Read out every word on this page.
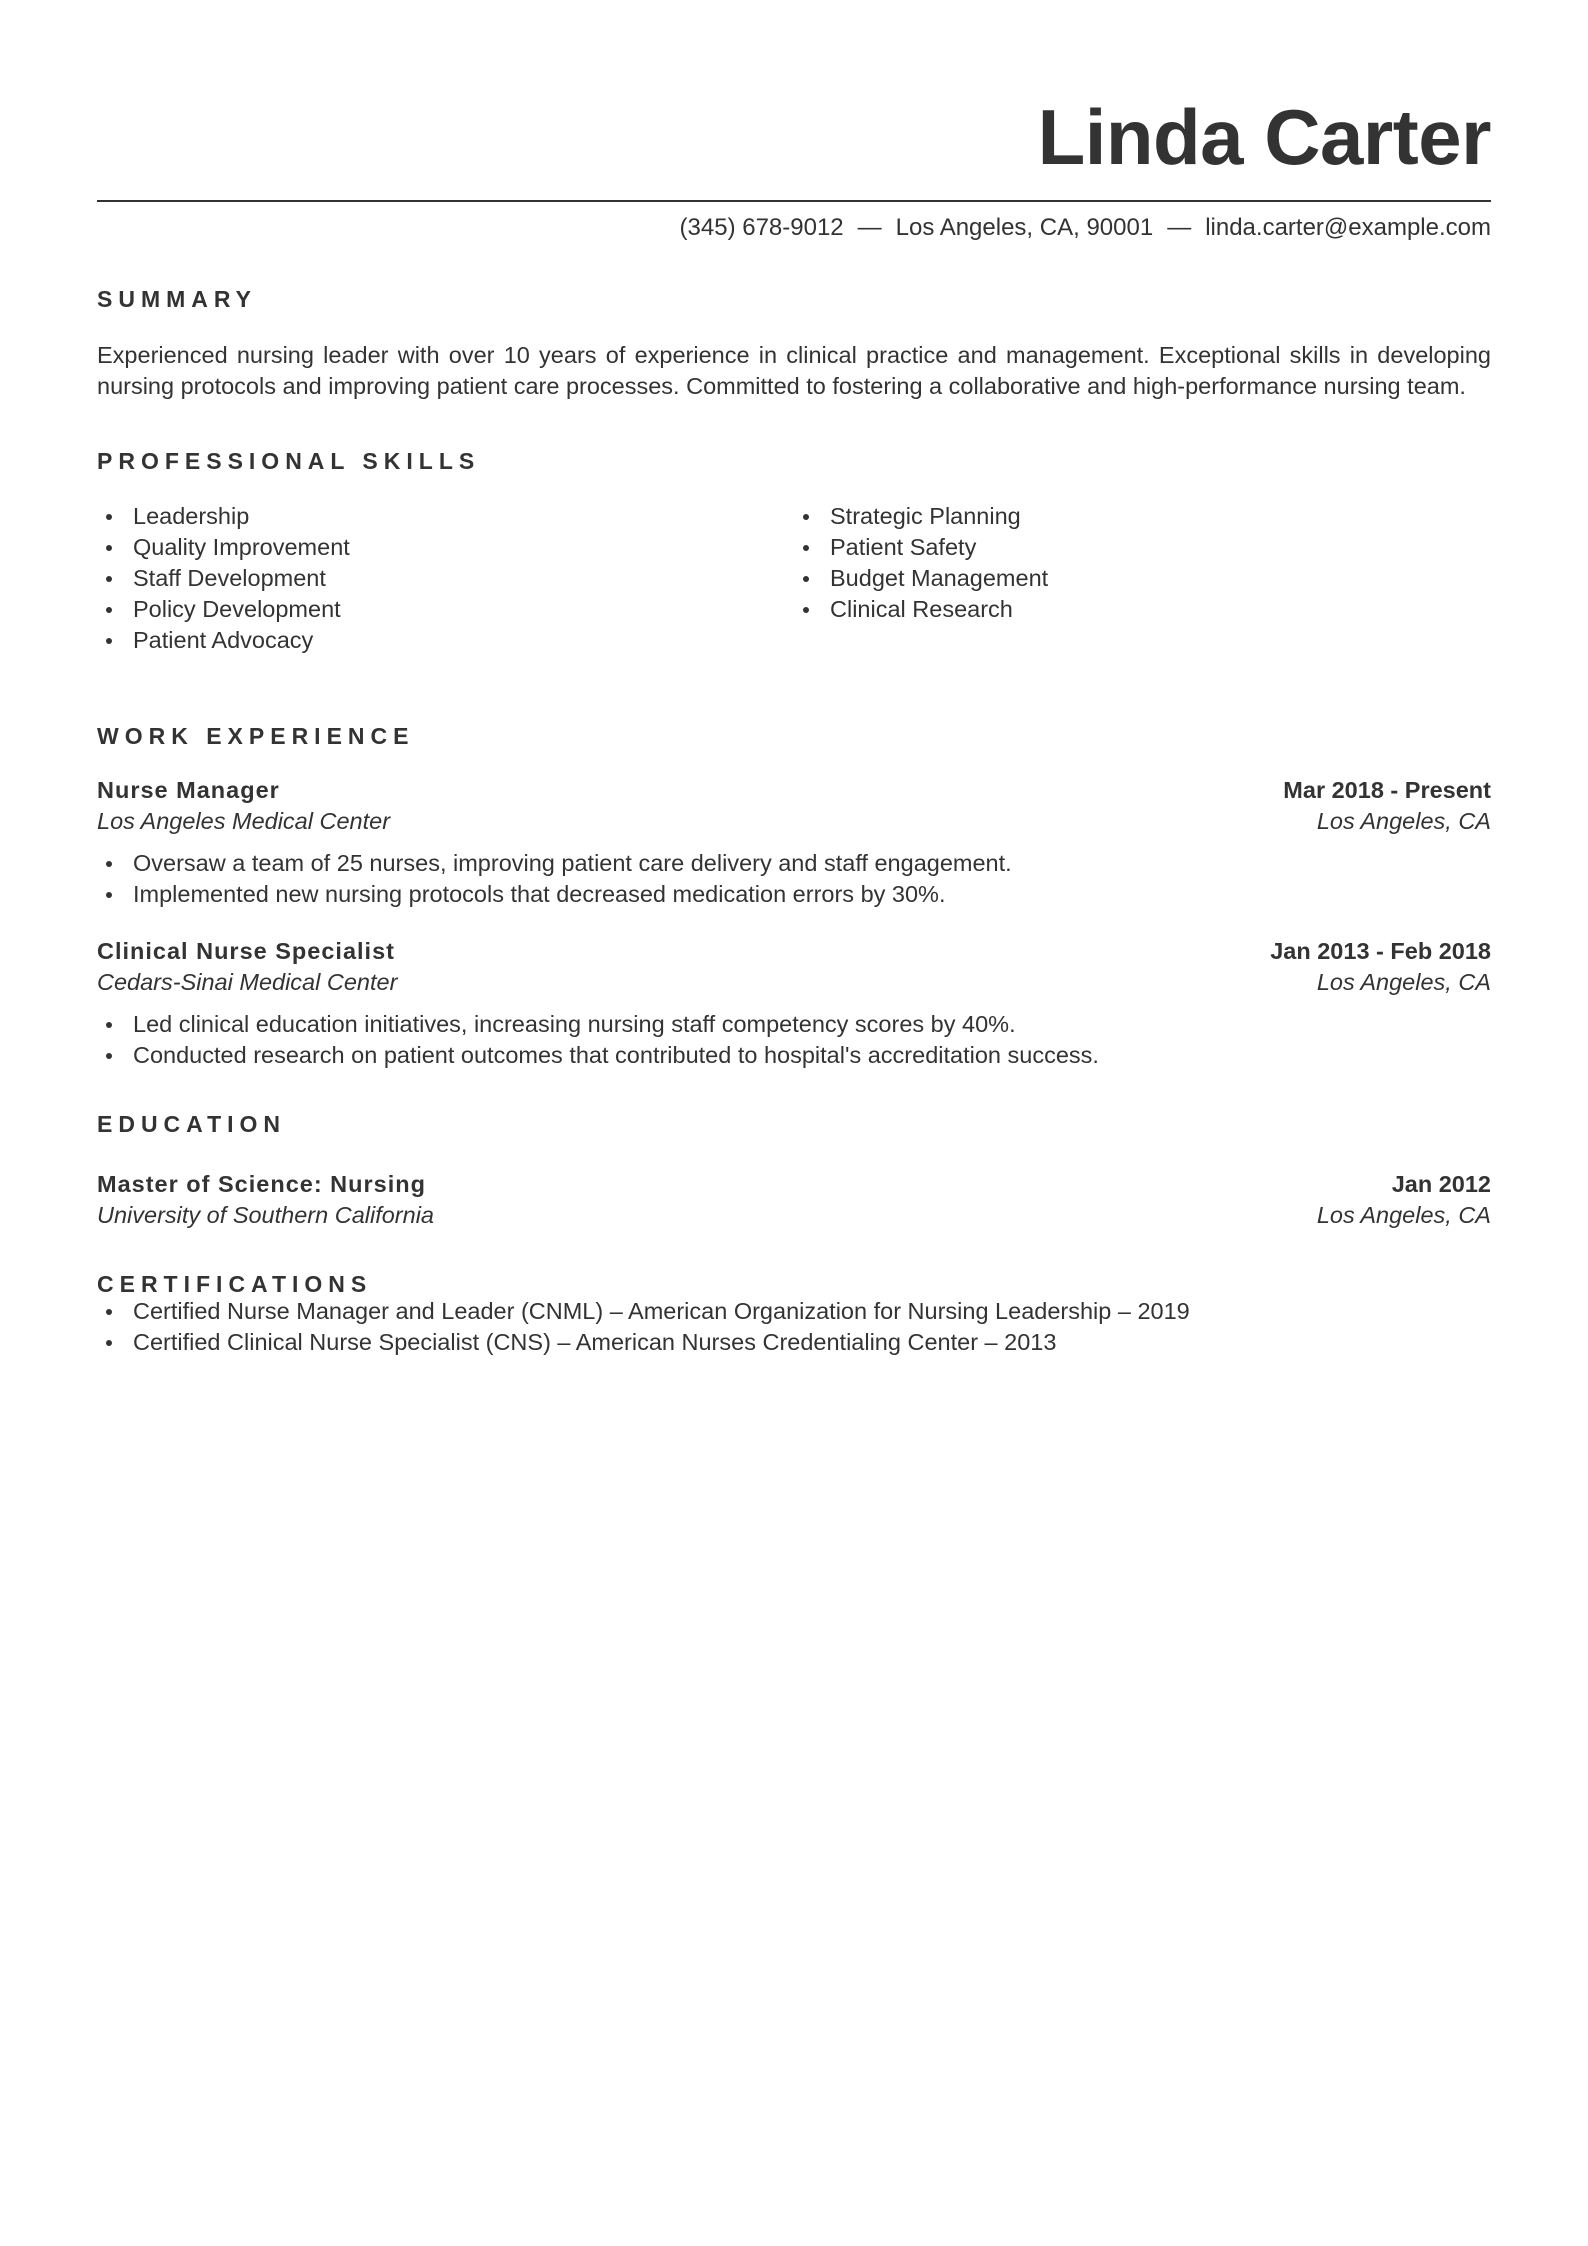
Linda Carter
(345) 678-9012 — Los Angeles, CA, 90001 — linda.carter@example.com
SUMMARY

Experienced nursing leader with over 10 years of experience in clinical practice and management. Exceptional skills in developing nursing protocols and improving patient care processes. Committed to fostering a collaborative and high-performance nursing team.

PROFESSIONAL SKILLS
Leadership
Quality Improvement
Staff Development
Policy Development
Patient Advocacy
Strategic Planning
Patient Safety
Budget Management
Clinical Research
WORK EXPERIENCE
Nurse Manager	Mar 2018 - Present
Los Angeles Medical Center	Los Angeles, CA
Oversaw a team of 25 nurses, improving patient care delivery and staff engagement.
Implemented new nursing protocols that decreased medication errors by 30%.
Clinical Nurse Specialist	Jan 2013 - Feb 2018
Cedars-Sinai Medical Center	Los Angeles, CA
Led clinical education initiatives, increasing nursing staff competency scores by 40%.
Conducted research on patient outcomes that contributed to hospital's accreditation success.
EDUCATION
Master of Science: Nursing	Jan 2012
University of Southern California	Los Angeles, CA
CERTIFICATIONS
Certified Nurse Manager and Leader (CNML) – American Organization for Nursing Leadership – 2019
Certified Clinical Nurse Specialist (CNS) – American Nurses Credentialing Center – 2013
